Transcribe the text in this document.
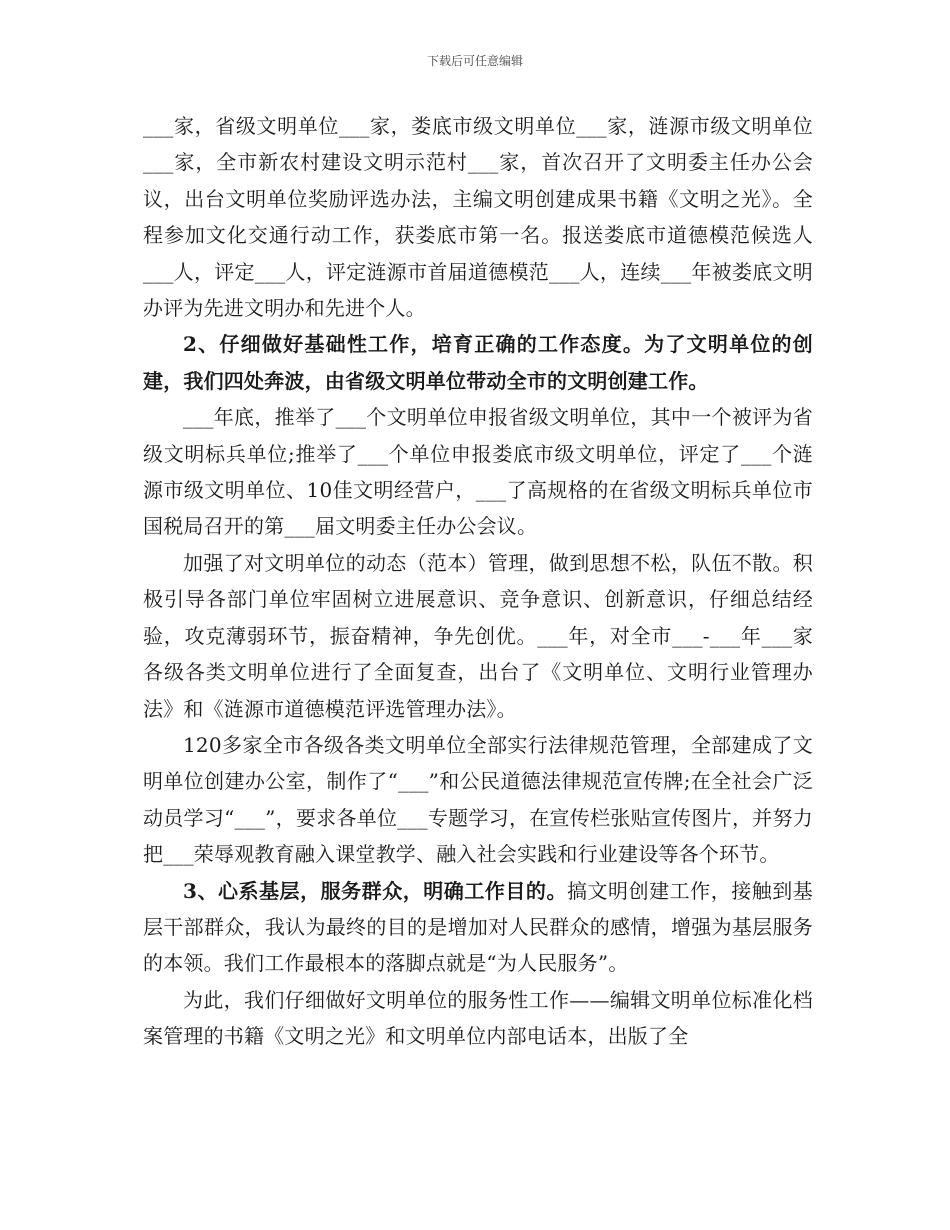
下载后可任意编辑

___家，省级文明单位___家，娄底市级文明单位___家，涟源市级文明单位___家，全市新农村建设文明示范村___家，首次召开了文明委主任办公会议，出台文明单位奖励评选办法，主编文明创建成果书籍《文明之光》。全程参加文化交通行动工作，获娄底市第一名。报送娄底市道德模范候选人___人，评定___人，评定涟源市首届道德模范___人，连续___年被娄底文明办评为先进文明办和先进个人。

2、仔细做好基础性工作，培育正确的工作态度。为了文明单位的创建，我们四处奔波，由省级文明单位带动全市的文明创建工作。

___年底，推举了___个文明单位申报省级文明单位，其中一个被评为省级文明标兵单位;推举了___个单位申报娄底市级文明单位，评定了___个涟源市级文明单位、10佳文明经营户，___了高规格的在省级文明标兵单位市国税局召开的第___届文明委主任办公会议。

加强了对文明单位的动态（范本）管理，做到思想不松，队伍不散。积极引导各部门单位牢固树立进展意识、竞争意识、创新意识，仔细总结经验，攻克薄弱环节，振奋精神，争先创优。___年，对全市___-___年___家各级各类文明单位进行了全面复查，出台了《文明单位、文明行业管理办法》和《涟源市道德模范评选管理办法》。

120多家全市各级各类文明单位全部实行法律规范管理，全部建成了文明单位创建办公室，制作了“___”和公民道德法律规范宣传牌;在全社会广泛动员学习“___”，要求各单位___专题学习，在宣传栏张贴宣传图片，并努力把___荣辱观教育融入课堂教学、融入社会实践和行业建设等各个环节。

3、心系基层，服务群众，明确工作目的。搞文明创建工作，接触到基层干部群众，我认为最终的目的是增加对人民群众的感情，增强为基层服务的本领。我们工作最根本的落脚点就是“为人民服务”。

为此，我们仔细做好文明单位的服务性工作——编辑文明单位标准化档案管理的书籍《文明之光》和文明单位内部电话本，出版了全
